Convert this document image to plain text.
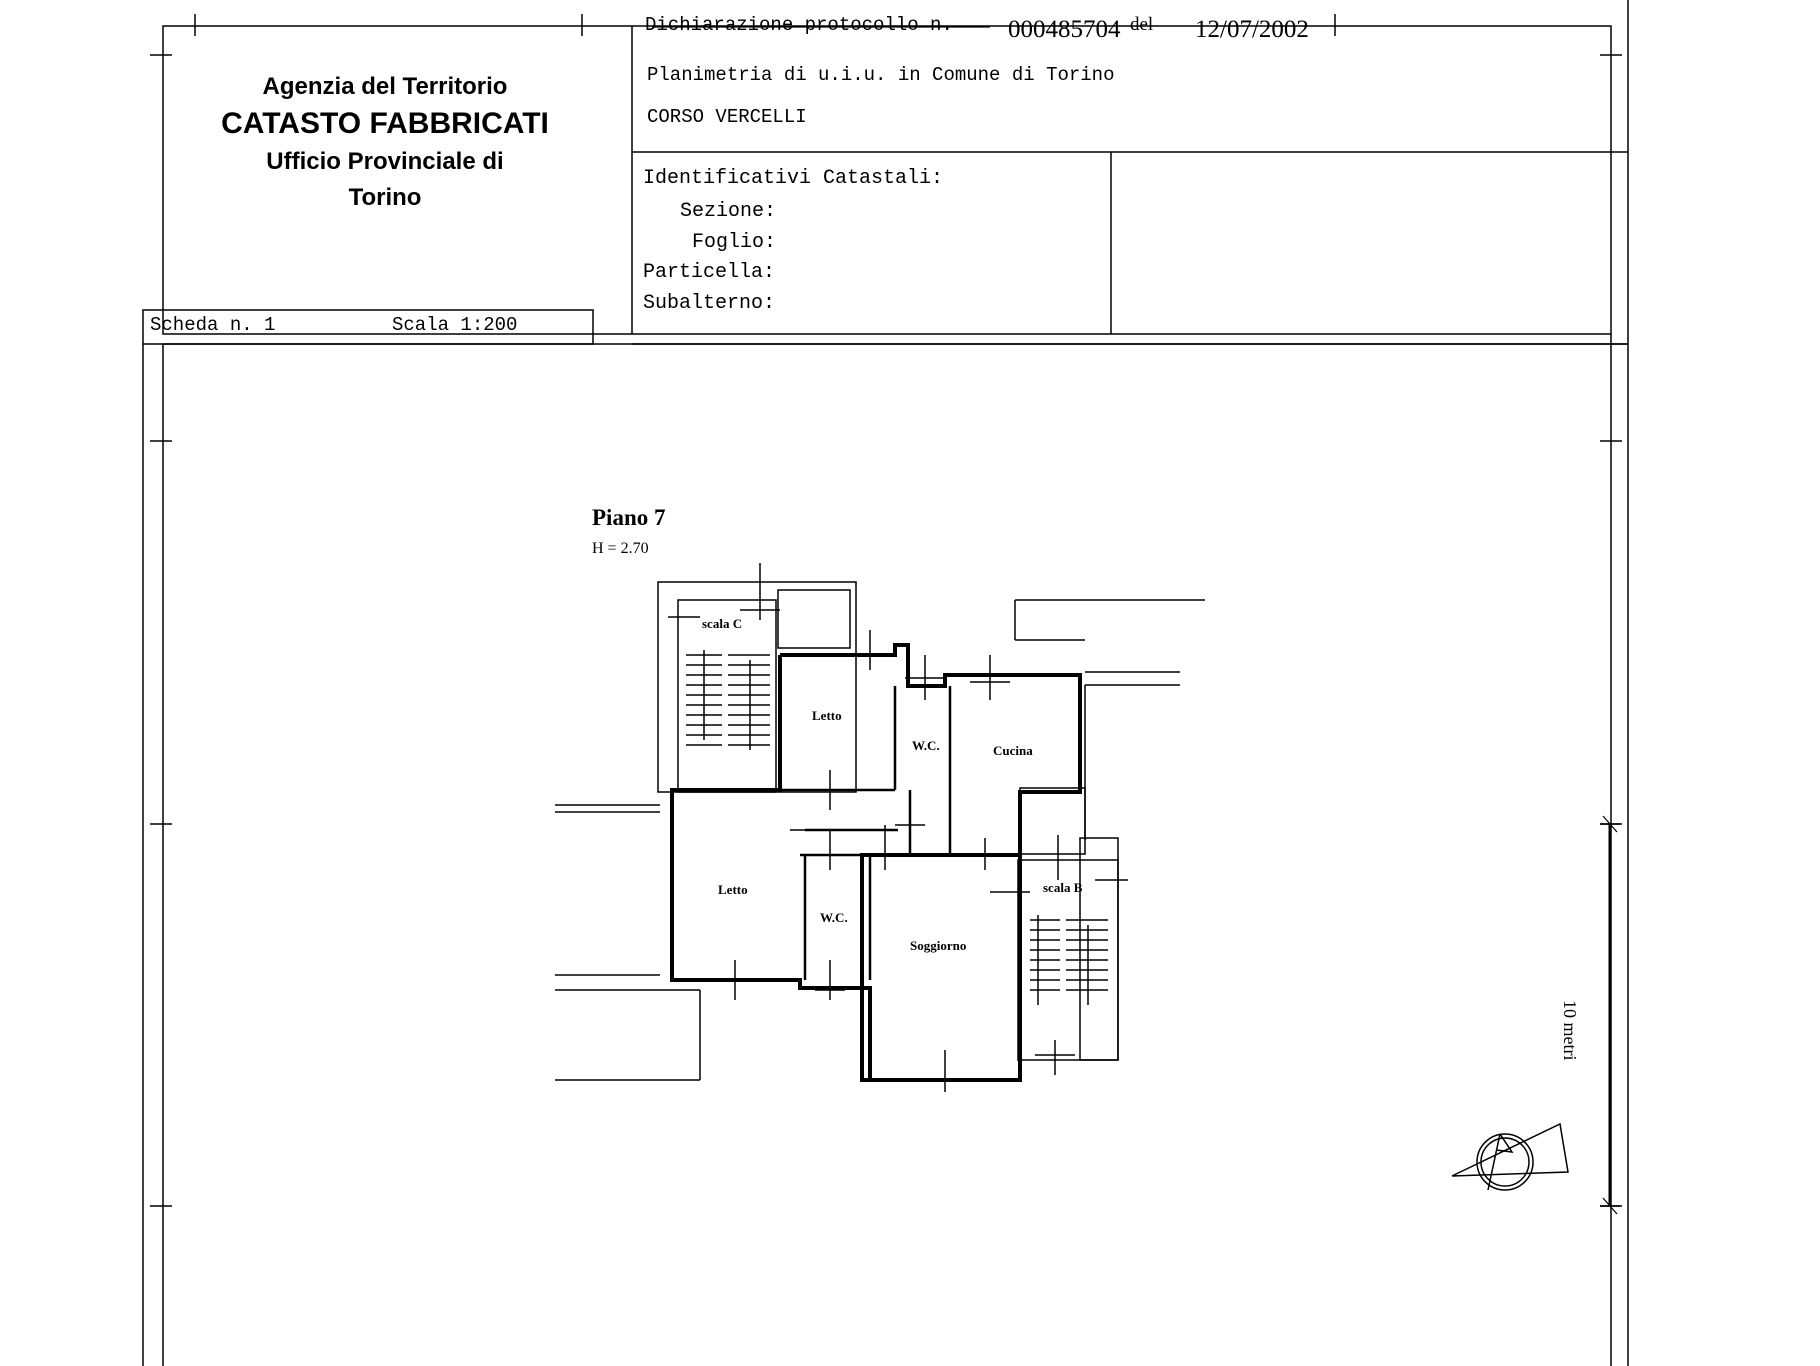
Agenzia del Territorio
CATASTO FABBRICATI
Ufficio Provinciale di
Torino
Dichiarazione protocollo n. 000485704 del 12/07/2002
Planimetria di u.i.u. in Comune di Torino
CORSO VERCELLI
Identificativi Catastali:
Sezione:
Foglio:
Particella:
Subalterno:
Scheda n. 1	Scala 1:200
Piano 7
H = 2.70
scala C
Letto
W.C.	Cucina
Letto
W.C.
Soggiorno
scala B
10 metri
